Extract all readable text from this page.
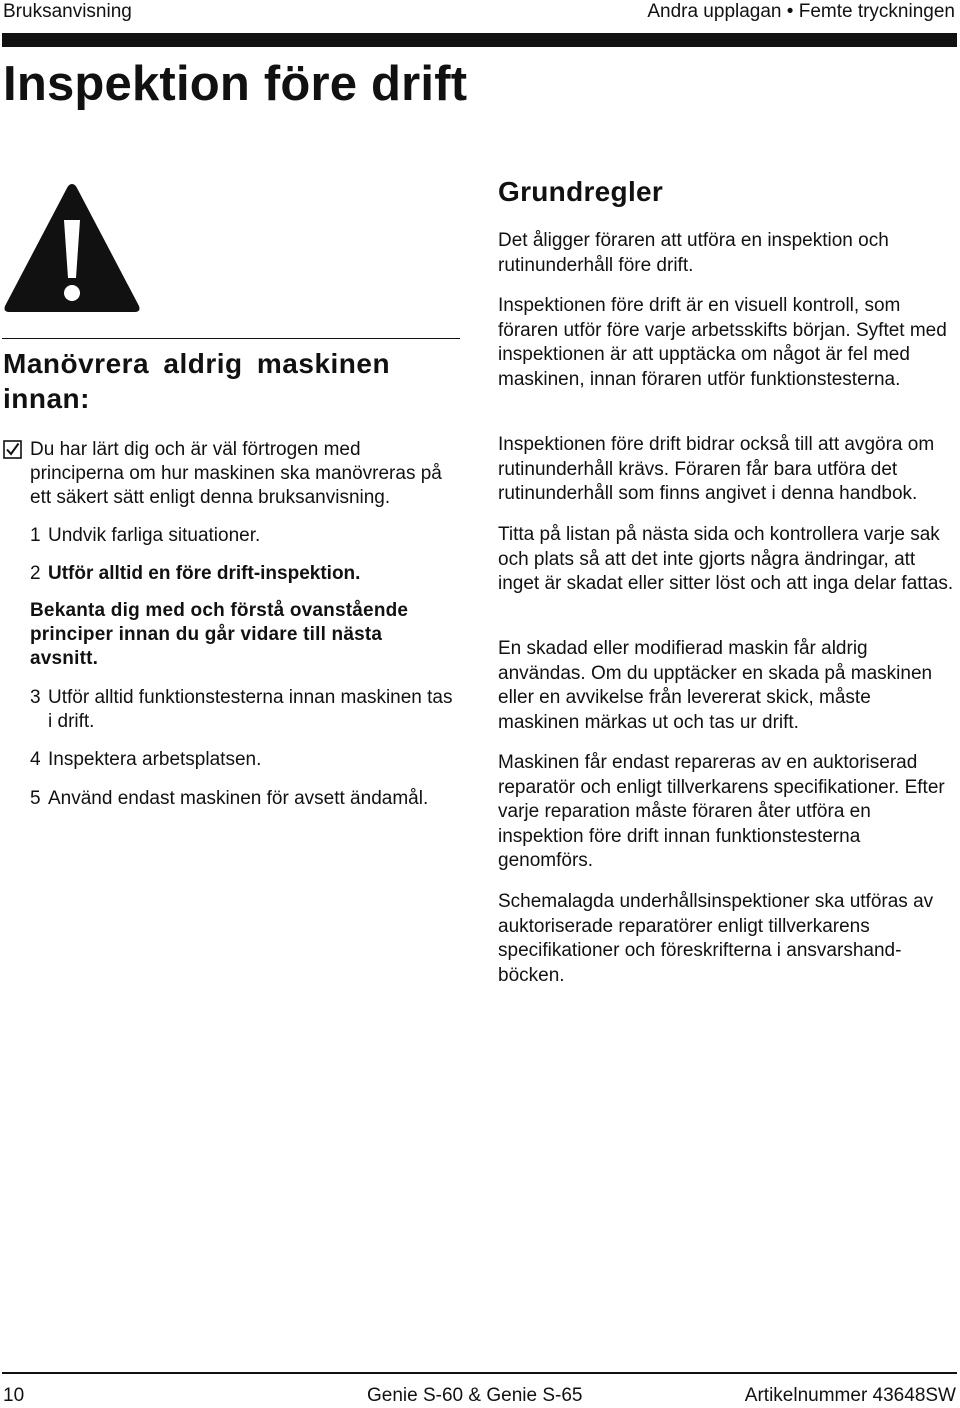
Bruksanvisning	Andra upplagan • Femte tryckningen
Inspektion före drift
Manövrera aldrig maskinen innan:
Du har lärt dig och är väl förtrogen med principerna om hur maskinen ska manövreras på ett säkert sätt enligt denna bruksanvisning.
1 Undvik farliga situationer.
2 Utför alltid en före drift-inspektion.
Bekanta dig med och förstå ovanstående principer innan du går vidare till nästa avsnitt.
3 Utför alltid funktionstesterna innan maskinen tas i drift.
4 Inspektera arbetsplatsen.
5 Använd endast maskinen för avsett ändamål.
Grundregler

Det åligger föraren att utföra en inspektion och rutinunderhåll före drift.

Inspektionen före drift är en visuell kontroll, som föraren utför före varje arbetsskifts början. Syftet med inspektionen är att upptäcka om något är fel med maskinen, innan föraren utför funktionstesterna.

Inspektionen före drift bidrar också till att avgöra om rutinunderhåll krävs. Föraren får bara utföra det rutinunderhåll som finns angivet i denna handbok.

Titta på listan på nästa sida och kontrollera varje sak och plats så att det inte gjorts några ändringar, att inget är skadat eller sitter löst och att inga delar fattas.

En skadad eller modifierad maskin får aldrig användas. Om du upptäcker en skada på maskinen eller en avvikelse från levererat skick, måste maskinen märkas ut och tas ur drift.

Maskinen får endast repareras av en auktoriserad reparatör och enligt tillverkarens specifikationer. Efter varje reparation måste föraren åter utföra en inspektion före drift innan funktionstesterna genomförs.

Schemalagda underhållsinspektioner ska utföras av auktoriserade reparatörer enligt tillverkarens specifikationer och föreskrifterna i ansvarshand-böcken.

10	Genie S-60 & Genie S-65	Artikelnummer 43648SW
